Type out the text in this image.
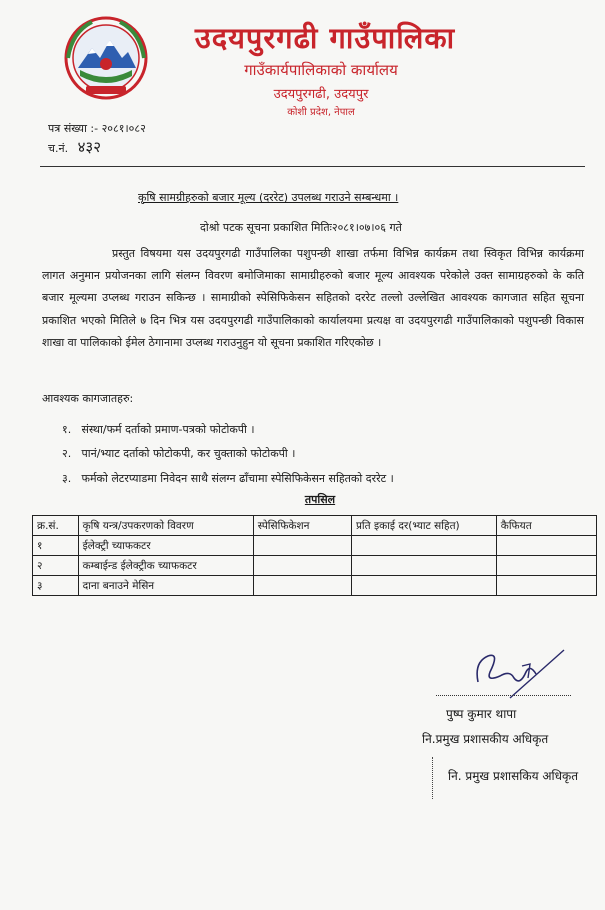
उदयपुरगढी गाउँपालिका
गाउँकार्यपालिकाको कार्यालय
उदयपुरगढी, उदयपुर
कोशी प्रदेश, नेपाल
पत्र संख्या :- २०८१।०८२
च.नं. ४३२
कृषि सामग्रीहरुको बजार मूल्य (दररेट) उपलब्ध गराउने सम्बन्धमा ।
दोश्रो पटक सूचना प्रकाशित मितिः२०८१।०७।०६ गते
प्रस्तुत विषयमा यस उदयपुरगढी गाउँपालिका पशुपन्छी शाखा तर्फमा विभिन्न कार्यक्रम तथा स्विकृत विभिन्न कार्यक्रमा लागत अनुमान प्रयोजनका लागि संलग्न विवरण बमोजिमाका सामाग्रीहरुको बजार मूल्य आवश्यक परेकोले उक्त सामाग्रहरुको के कति बजार मूल्यमा उप्लब्ध गराउन सकिन्छ । सामाग्रीको स्पेसिफिकेसन सहितको दररेट तल्लो उल्लेखित आवश्यक कागजात सहित सूचना प्रकाशित भएको मितिले ७ दिन भित्र यस उदयपुरगढी गाउँपालिकाको कार्यालयमा प्रत्यक्ष वा उदयपुरगढी गाउँपालिकाको पशुपन्छी विकास शाखा वा पालिकाको ईमेल ठेगानामा उप्लब्ध गराउनुहुन यो सूचना प्रकाशित गरिएकोछ ।
आवश्यक कागजातहरु:
१. संस्था/फर्म दर्ताको प्रमाण-पत्रको फोटोकपी ।
२. पानं/भ्याट दर्ताको फोटोकपी, कर चुक्ताको फोटोकपी ।
३. फर्मको लेटरप्याडमा निवेदन साथै संलग्न ढाँचामा स्पेसिफिकेसन सहितको दररेट ।
तपसिल
क्र.सं.	कृषि यन्त्र/उपकरणको विवरण	स्पेसिफिकेशन	प्रति इकाई दर(भ्याट सहित)	कैफियत
१	ईलेक्ट्री च्याफकटर			
२	कम्बाईन्ड ईलेक्ट्रीक च्याफकटर			
३	दाना बनाउने मेसिन			
पुष्प कुमार थापा
नि.प्रमुख प्रशासकीय अधिकृत
नि. प्रमुख प्रशासकिय अधिकृत
